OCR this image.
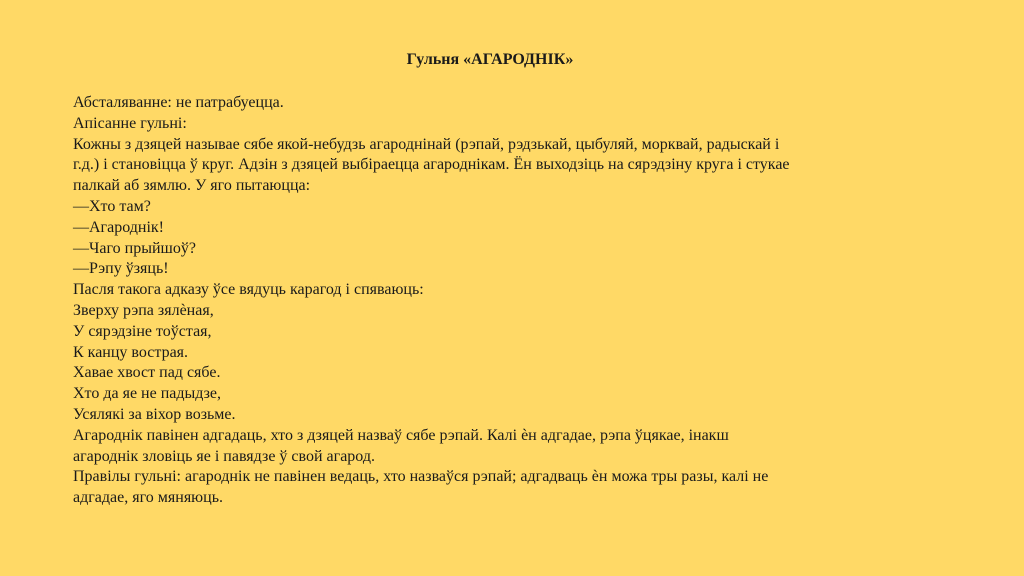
Гульня «АГАРОДНІК»
Абсталяванне: не патрабуецца.
Апісанне гульні:
Кожны з дзяцей называе сябе якой-небудзь агароднінай (рэпай, рэдзькай, цыбуляй, морквай, радыскай і
г.д.) і становіцца ў круг. Адзін з дзяцей выбіраецца агароднікам. Ён выходзіць на сярэдзіну круга і стукае
палкай аб зямлю. У яго пытаюцца:
—Хто там?
—Агароднік!
—Чаго прыйшоў?
—Рэпу ўзяць!
Пасля такога адказу ўсе вядуць карагод і спяваюць:
Зверху рэпа зялѐная,
У сярэдзіне тоўстая,
К канцу вострая.
Хавае хвост пад сябе.
Хто да яе не падыдзе,
Усялякі за віхор возьме.
Агароднік павінен адгадаць, хто з дзяцей назваў сябе рэпай. Калі ѐн адгадае, рэпа ўцякае, інакш
агароднік зловіць яе і павядзе ў свой агарод.
Правілы гульні: агароднік не павінен ведаць, хто назваўся рэпай; адгадваць ѐн можа тры разы, калі не
адгадае, яго мяняюць.
